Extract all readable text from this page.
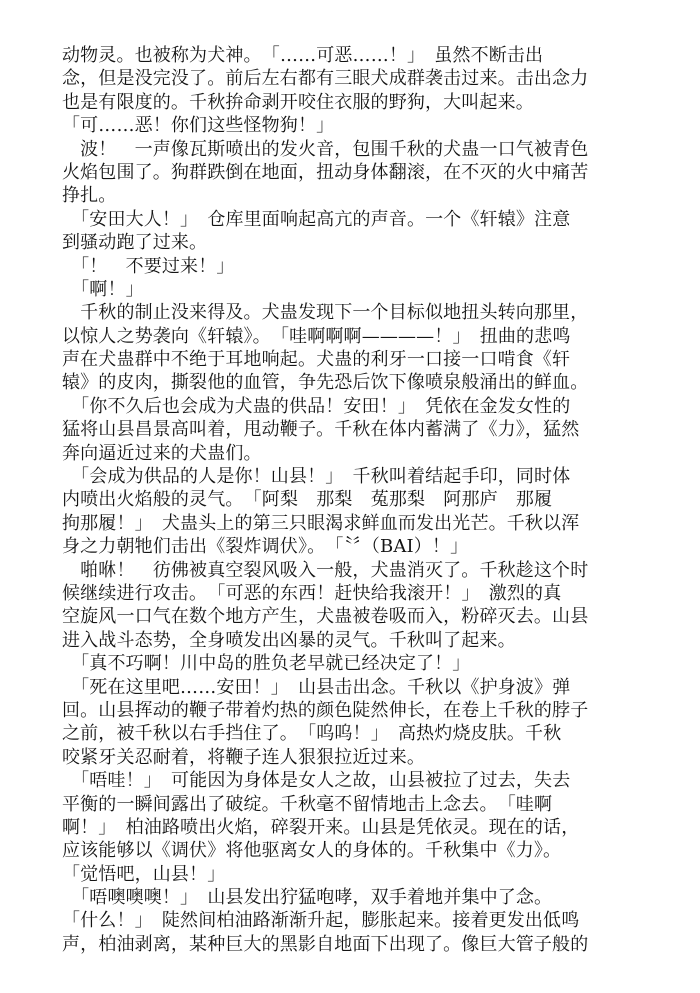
动物灵。也被称为犬神。　「……可恶……！」　虽然不断击出
念，但是没完没了。前后左右都有三眼犬成群袭击过来。击出念力
也是有限度的。千秋拚命剥开咬住衣服的野狗，大叫起来。
「可……恶！你们这些怪物狗！」
　波！　一声像瓦斯喷出的发火音，包围千秋的犬蛊一口气被青色
火焰包围了。狗群跌倒在地面，扭动身体翻滚，在不灭的火中痛苦
挣扎。
　「安田大人！」　仓库里面响起高亢的声音。一个《轩辕》注意
到骚动跑了过来。
　「！　不要过来！」
　「啊！」
　千秋的制止没来得及。犬蛊发现下一个目标似地扭头转向那里，
以惊人之势袭向《轩辕》。　「哇啊啊啊————！」　扭曲的悲鸣
声在犬蛊群中不绝于耳地响起。犬蛊的利牙一口接一口啃食《轩
辕》的皮肉，撕裂他的血管，争先恐后饮下像喷泉般涌出的鲜血。
　「你不久后也会成为犬蛊的供品！安田！」　凭依在金发女性的
猛将山县昌景高叫着，甩动鞭子。千秋在体内蓄满了《力》，猛然
奔向逼近过来的犬蛊们。
　「会成为供品的人是你！山县！」　千秋叫着结起手印，同时体
内喷出火焰般的灵气。　「阿梨　那梨　菟那梨　阿那庐　那履
拘那履！」　犬蛊头上的第三只眼渴求鲜血而发出光芒。千秋以浑
身之力朝牠们击出《裂炸调伏》。　「〝〞（BAI）！」
　啪咻！　彷佛被真空裂风吸入一般，犬蛊消灭了。千秋趁这个时
候继续进行攻击。　「可恶的东西！赶快给我滚开！」　激烈的真
空旋风一口气在数个地方产生，犬蛊被卷吸而入，粉碎灭去。山县
进入战斗态势，全身喷发出凶暴的灵气。千秋叫了起来。
　「真不巧啊！川中岛的胜负老早就已经决定了！」
　「死在这里吧……安田！」　山县击出念。千秋以《护身波》弹
回。山县挥动的鞭子带着灼热的颜色陡然伸长，在卷上千秋的脖子
之前，被千秋以右手挡住了。　「呜呜！」　高热灼烧皮肤。千秋
咬紧牙关忍耐着，将鞭子连人狠狠拉近过来。
　「唔哇！」　可能因为身体是女人之故，山县被拉了过去，失去
平衡的一瞬间露出了破绽。千秋毫不留情地击上念去。　「哇啊
啊！」　柏油路喷出火焰，碎裂开来。山县是凭依灵。现在的话，
应该能够以《调伏》将他驱离女人的身体的。千秋集中《力》。
「觉悟吧，山县！」
　「唔噢噢噢！」　山县发出狞猛咆哮，双手着地并集中了念。
「什么！」　陡然间柏油路渐渐升起，膨胀起来。接着更发出低鸣
声，柏油剥离，某种巨大的黑影自地面下出现了。像巨大管子般的
